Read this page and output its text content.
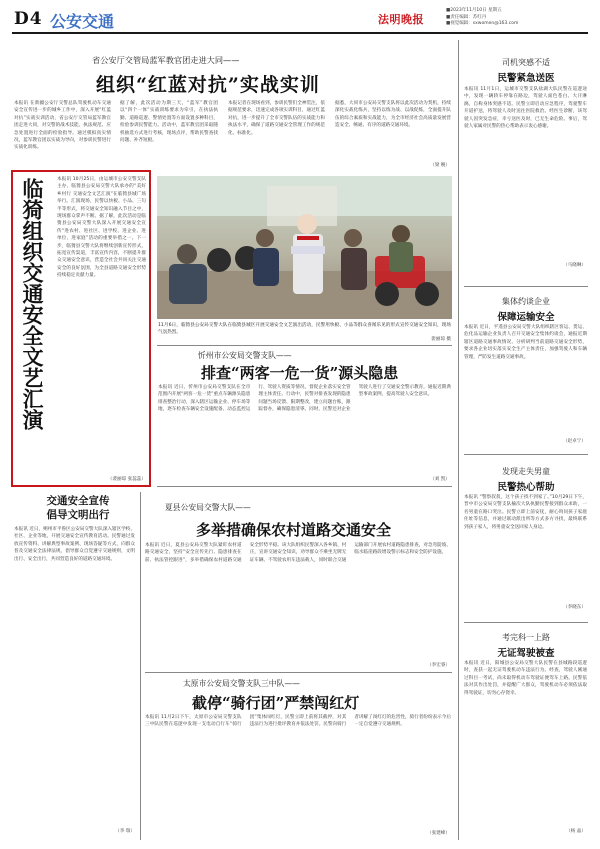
D4 公安交通	法明晚报
■2023年11月10日 星期五
■责任编辑：苏红丹
■视觉编辑：sxwomen@163.com
省公安厅交管局蓝军教官团走进大同——
组织“红蓝对抗”实战实训
本报讯 在新疆公安厅交警总队驾驶机动车交通安全宣传进一步的城乡工作中，深入开展“红蓝对抗”实战实训活动，省公安厅交管局蓝军教官团走进大同，对交警的战术技能、执法规范、应急处置进行全面的检验指导。通过模拟真实情况，蓝军教官团以实战为导向，对参训民警进行实战化训练。
据了解，此次活动为期三天，“蓝军”教官团以“四个一体”实战训练要求为牵引，在执法执勤、道路巡逻、警情处置等方面设置多种科目，检验参训民警能力。活动中，蓝军教官团采取随机抽选方式进行考核，现场点评，帮助民警查找问题、补齐短板。
本报记者在现场看到，参训民警们全神贯注，依据规范要求，迅速完成各项实训科目，通过红蓝对抗，进一步提升了全市交警队伍的实战能力和执法水平，确保了道路交通安全管理工作的规范化、标准化。
据悉，大同市公安局交警支队将以此次活动为契机，持续深化实战化练兵，坚持以练为战、以战促练，全面提升队伍的综合素质和实战能力，为全市经济社会高质量发展营造安全、畅通、有序的道路交通环境。
（梁 婉）
临猗组织交通安全文艺汇演	本报讯 10月25日，由运城市公安交警支队主办、临猗县公安局交警大队承办的“美好乡村行 交通安全文艺汇演”在临猗县城广场举行。汇演现场，民警以快板、小品、三句半等形式，将交通安全知识融入节目之中，现场群众掌声不断。据了解，此次活动是临猗县公安局交警大队深入开展交通安全宣传“进农村、进社区、进学校、进企业、进单位、进家庭”活动的重要举措之一。下一步，临猗县交警大队将继续创新宣传形式，拓宽宣传渠道，丰富宣传内容，不断提升群众交通安全意识，营造全社会共同关注交通安全的良好氛围，为全县道路交通安全形势持续稳定贡献力量。
（裴丽琼 张蕊蕊）
11月6日，临猗县公安局交警大队在临猗县城区开展交通安全文艺演出活动，民警用快板、小品等群众喜闻乐见的形式宣传交通安全知识，现场气氛热烈。
裴丽琼 摄
忻州市公安局交警支队——
排查“两客一危一货”源头隐患
本报讯 近日，忻州市公安局交警支队在全市范围内开展“两客一危一货”重点车辆源头隐患排查整治行动，深入辖区运输企业、停车场等地，逐车检查车辆安全设施配备、动态监控运行、驾驶人资质等情况，督促企业落实安全管理主体责任。行动中，民警对排查发现的隐患问题当场反馈、限期整改，建立问题台账，跟踪督办，确保隐患清零。同时，民警还对企业驾驶人进行了交通安全警示教育，通报近期典型事故案例，提高驾驶人安全意识。
（刘 凯）
夏县公安局交警大队——
多举措确保农村道路交通安全
本报讯 近日，夏县公安局交警大队紧盯农村道路交通安全，坚持“安全宣传先行、隐患排查在前、执法管控跟进”，多举措确保农村道路交通安全形势平稳。该大队组织民警深入各乡镇、村庄，宣讲交通安全知识，劝导群众不乘坐无牌无证车辆、不驾驶农用车违法载人，同时联合交通运输部门开展农村道路隐患排查，对急弯陡坡、临水临崖路段增设警示标志和安全防护设施。
（李宏睿）
太原市公安局交警支队三中队——
截停“骑行团”严禁闯红灯
本报讯 11月2日下午，太原市公安局交警支队三中队民警在巡逻中发现一支电动自行车“骑行团”集体闯红灯，民警立即上前将其截停，对其违法行为进行批评教育并依法处罚。民警向骑行者讲解了闯红灯的危害性，骑行者纷纷表示今后一定自觉遵守交通规则。
（张建峰）
交通安全宣传
倡导文明出行
本报讯 近日，朔州市平鲁区公安局交警大队深入辖区学校、社区、企业等地，开展交通安全宣传教育活动。民警通过发放宣传资料、讲解典型事故案例、现场答疑等方式，向群众普及交通安全法律法规，倡导群众自觉遵守交通规则，文明出行、安全出行，共同营造良好的道路交通环境。
（李 瑞）
司机突感不适
民警紧急送医
本报讯 11月1日，运城市交警支队盐湖大队民警在巡逻途中，发现一辆轿车停靠在路边，驾驶人面色苍白、大汗淋漓，自称身体突感不适。民警立即启动应急程序，驾驶警车开道护送，将驾驶人及时送往医院救治。经医生诊断，该驾驶人因突发急症，幸亏送医及时，已无生命危险。事后，驾驶人家属对民警的热心帮助表示衷心感谢。
（马晓琳）
集体约谈企业
保障运输安全
本报讯 近日，平遥县公安局交警大队组织辖区客运、货运、危化品运输企业负责人召开交通安全集体约谈会，通报近期辖区道路交通事故情况，分析研判当前道路交通安全形势，要求各企业切实落实安全生产主体责任，加强驾驶人和车辆管理，严防发生道路交通事故。
（赵卓宁）
发现走失男童
民警热心帮助
本报讯 “警察叔叔，这个孩子找不到家了。”10月29日下午，晋中市公安局交警支队榆次大队执勤民警接到群众求助，一名男童在路口哭泣。民警立即上前安抚，耐心询问孩子家庭住址等信息，并通过联动派出所等方式多方寻找，最终联系到孩子家人，将男童安全送回家人身边。
（李晓东）
考完科一上路
无证驾驶被查
本报讯 近日，阳城县公安局交警大队民警在县城路段巡逻时，查获一起无证驾驶机动车违法行为。经查，驾驶人刚通过科目一考试，尚未取得机动车驾驶证便驾车上路。民警依法对其作出处罚，并提醒广大群众，驾驶机动车必须依法取得驾驶证，切勿心存侥幸。
（杨 晶）
